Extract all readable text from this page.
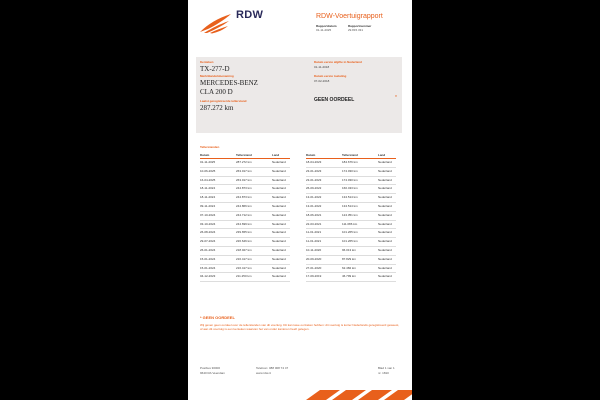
RDW	RDW-Voertuigrapport
Rapportdatum
01-11-2025
Rapportnummer
29.815.331
Kenteken
TX-277-D
Merk/Handelsbenaming
MERCEDES-BENZ
CLA 200 D
Laatst geregistreerde tellerstand
287.272 km
Datum eerste afgifte in Nederland
01-11-2018
Datum eerste toelating
07-02-2018
GEEN OORDEEL	*
Tellerstanden
Datum	Tellerstand	Land
01-11-2025	287.272 km	Nederland
10-06-2025	263.017 km	Nederland
16-04-2025	263.017 km	Nederland
18-11-2024	244.873 km	Nederland
18-11-2024	244.873 km	Nederland
09-11-2024	244.866 km	Nederland
07-10-2024	244.712 km	Nederland
03-10-2024	244.699 km	Nederland
26-08-2024	239.655 km	Nederland
29-07-2024	226.646 km	Nederland
26-01-2024	218.027 km	Nederland
15-01-2024	216.417 km	Nederland
15-01-2024	216.417 km	Nederland
04-12-2023	211.250 km	Nederland
Datum	Tellerstand	Land
18-04-2023	184.676 km	Nederland
23-01-2023	174.030 km	Nederland
23-01-2023	174.030 km	Nederland
26-09-2022	160.433 km	Nederland
13-01-2022	134.514 km	Nederland
13-01-2022	134.514 km	Nederland
18-06-2021	124.351 km	Nederland
22-03-2021	111.086 km	Nederland
11-01-2021	101.265 km	Nederland
11-01-2021	101.265 km	Nederland
10-11-2020	96.013 km	Nederland
20-09-2020	87.829 km	Nederland
27-01-2020	62.482 km	Nederland
17-09-2019	46.799 km	Nederland
* GEEN OORDEEL
Wij geven geen oordeel over de tellerstanden van dit voertuig. Dit kan twee oorzaken hebben: dit voertuig is korter Nederlands geregistreerd geweest, of aan dit voertuig is een kenteken waarvan het van onder kantoren heeft gelegen.
Postbus 30000
9640 RA Veendam
Telefoon: 088 008 74 47
www.rdw.nl
Blad 1 van 1
nr. 1810
